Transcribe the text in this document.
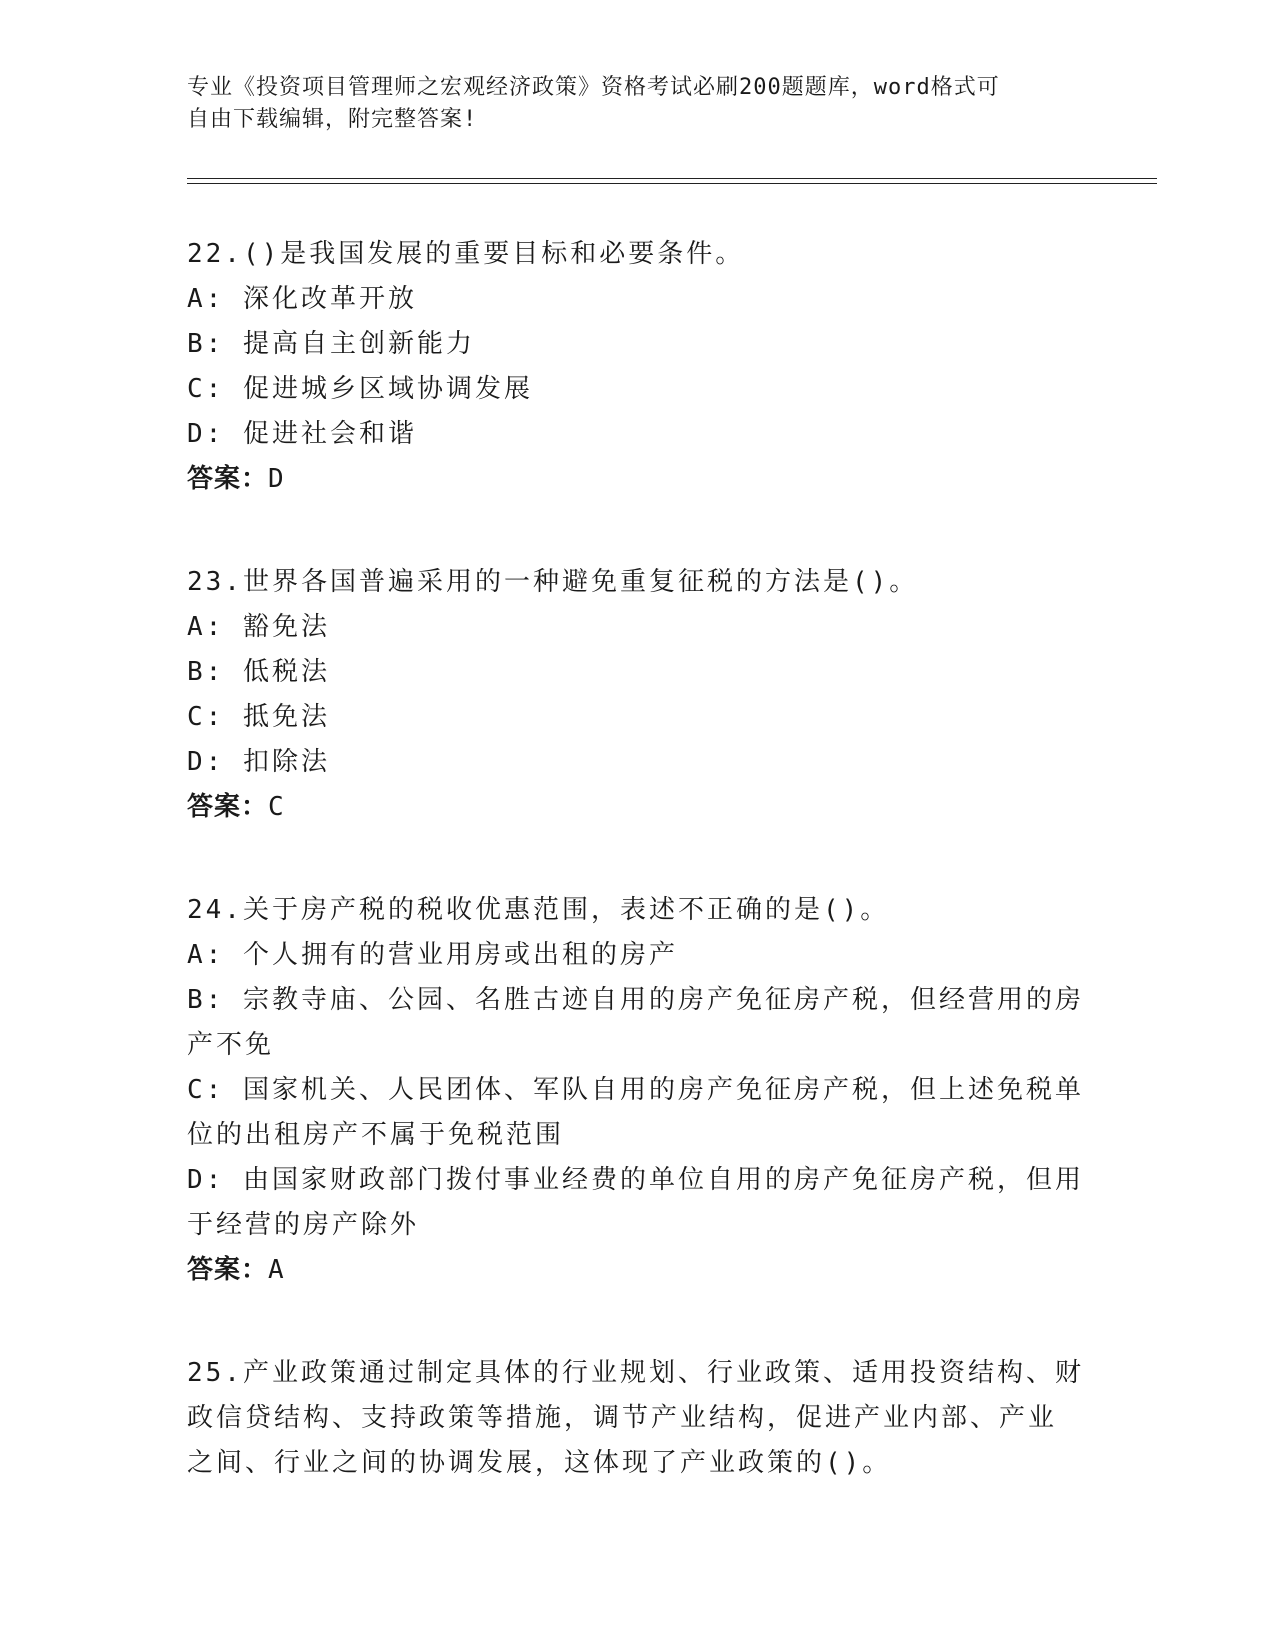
专业《投资项目管理师之宏观经济政策》资格考试必刷200题题库，word格式可
自由下载编辑，附完整答案!

22.()是我国发展的重要目标和必要条件。

A: 深化改革开放

B: 提高自主创新能力

C: 促进城乡区域协调发展

D: 促进社会和谐

答案：D

23.世界各国普遍采用的一种避免重复征税的方法是()。

A: 豁免法

B: 低税法

C: 抵免法

D: 扣除法

答案：C

24.关于房产税的税收优惠范围，表述不正确的是()。

A: 个人拥有的营业用房或出租的房产

B: 宗教寺庙、公园、名胜古迹自用的房产免征房产税，但经营用的房

产不免

C: 国家机关、人民团体、军队自用的房产免征房产税，但上述免税单

位的出租房产不属于免税范围

D: 由国家财政部门拨付事业经费的单位自用的房产免征房产税，但用

于经营的房产除外

答案：A

25.产业政策通过制定具体的行业规划、行业政策、适用投资结构、财

政信贷结构、支持政策等措施，调节产业结构，促进产业内部、产业

之间、行业之间的协调发展，这体现了产业政策的()。
